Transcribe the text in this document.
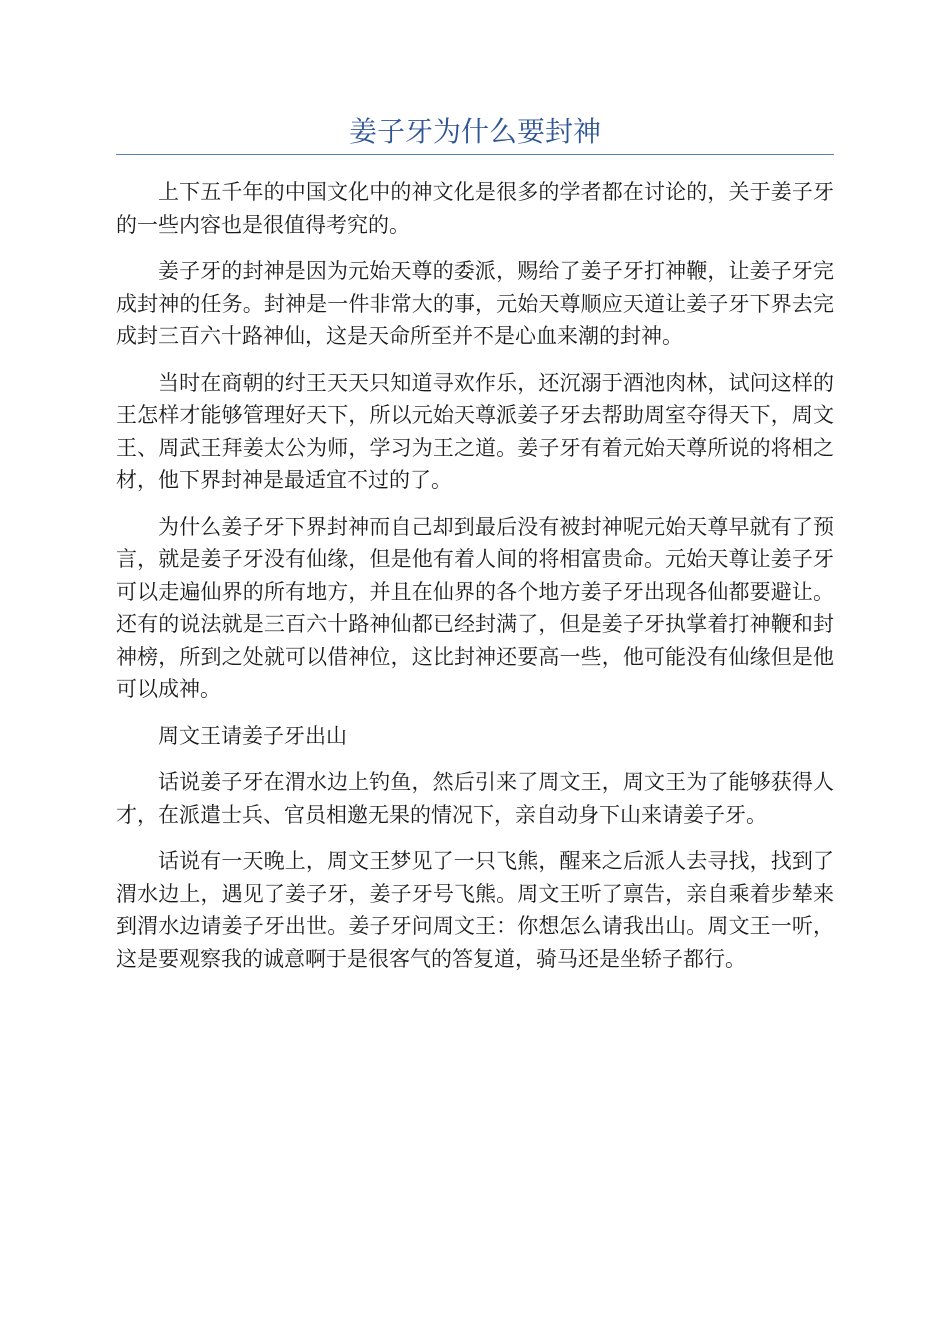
姜子牙为什么要封神

上下五千年的中国文化中的神文化是很多的学者都在讨论的，关于姜子牙的一些内容也是很值得考究的。

姜子牙的封神是因为元始天尊的委派，赐给了姜子牙打神鞭，让姜子牙完成封神的任务。封神是一件非常大的事，元始天尊顺应天道让姜子牙下界去完成封三百六十路神仙，这是天命所至并不是心血来潮的封神。

当时在商朝的纣王天天只知道寻欢作乐，还沉溺于酒池肉林，试问这样的王怎样才能够管理好天下，所以元始天尊派姜子牙去帮助周室夺得天下，周文王、周武王拜姜太公为师，学习为王之道。姜子牙有着元始天尊所说的将相之材，他下界封神是最适宜不过的了。

为什么姜子牙下界封神而自己却到最后没有被封神呢元始天尊早就有了预言，就是姜子牙没有仙缘，但是他有着人间的将相富贵命。元始天尊让姜子牙可以走遍仙界的所有地方，并且在仙界的各个地方姜子牙出现各仙都要避让。还有的说法就是三百六十路神仙都已经封满了，但是姜子牙执掌着打神鞭和封神榜，所到之处就可以借神位，这比封神还要高一些，他可能没有仙缘但是他可以成神。

周文王请姜子牙出山

话说姜子牙在渭水边上钓鱼，然后引来了周文王，周文王为了能够获得人才，在派遣士兵、官员相邀无果的情况下，亲自动身下山来请姜子牙。

话说有一天晚上，周文王梦见了一只飞熊，醒来之后派人去寻找，找到了渭水边上，遇见了姜子牙，姜子牙号飞熊。周文王听了禀告，亲自乘着步辇来到渭水边请姜子牙出世。姜子牙问周文王：你想怎么请我出山。周文王一听，这是要观察我的诚意啊于是很客气的答复道，骑马还是坐轿子都行。
